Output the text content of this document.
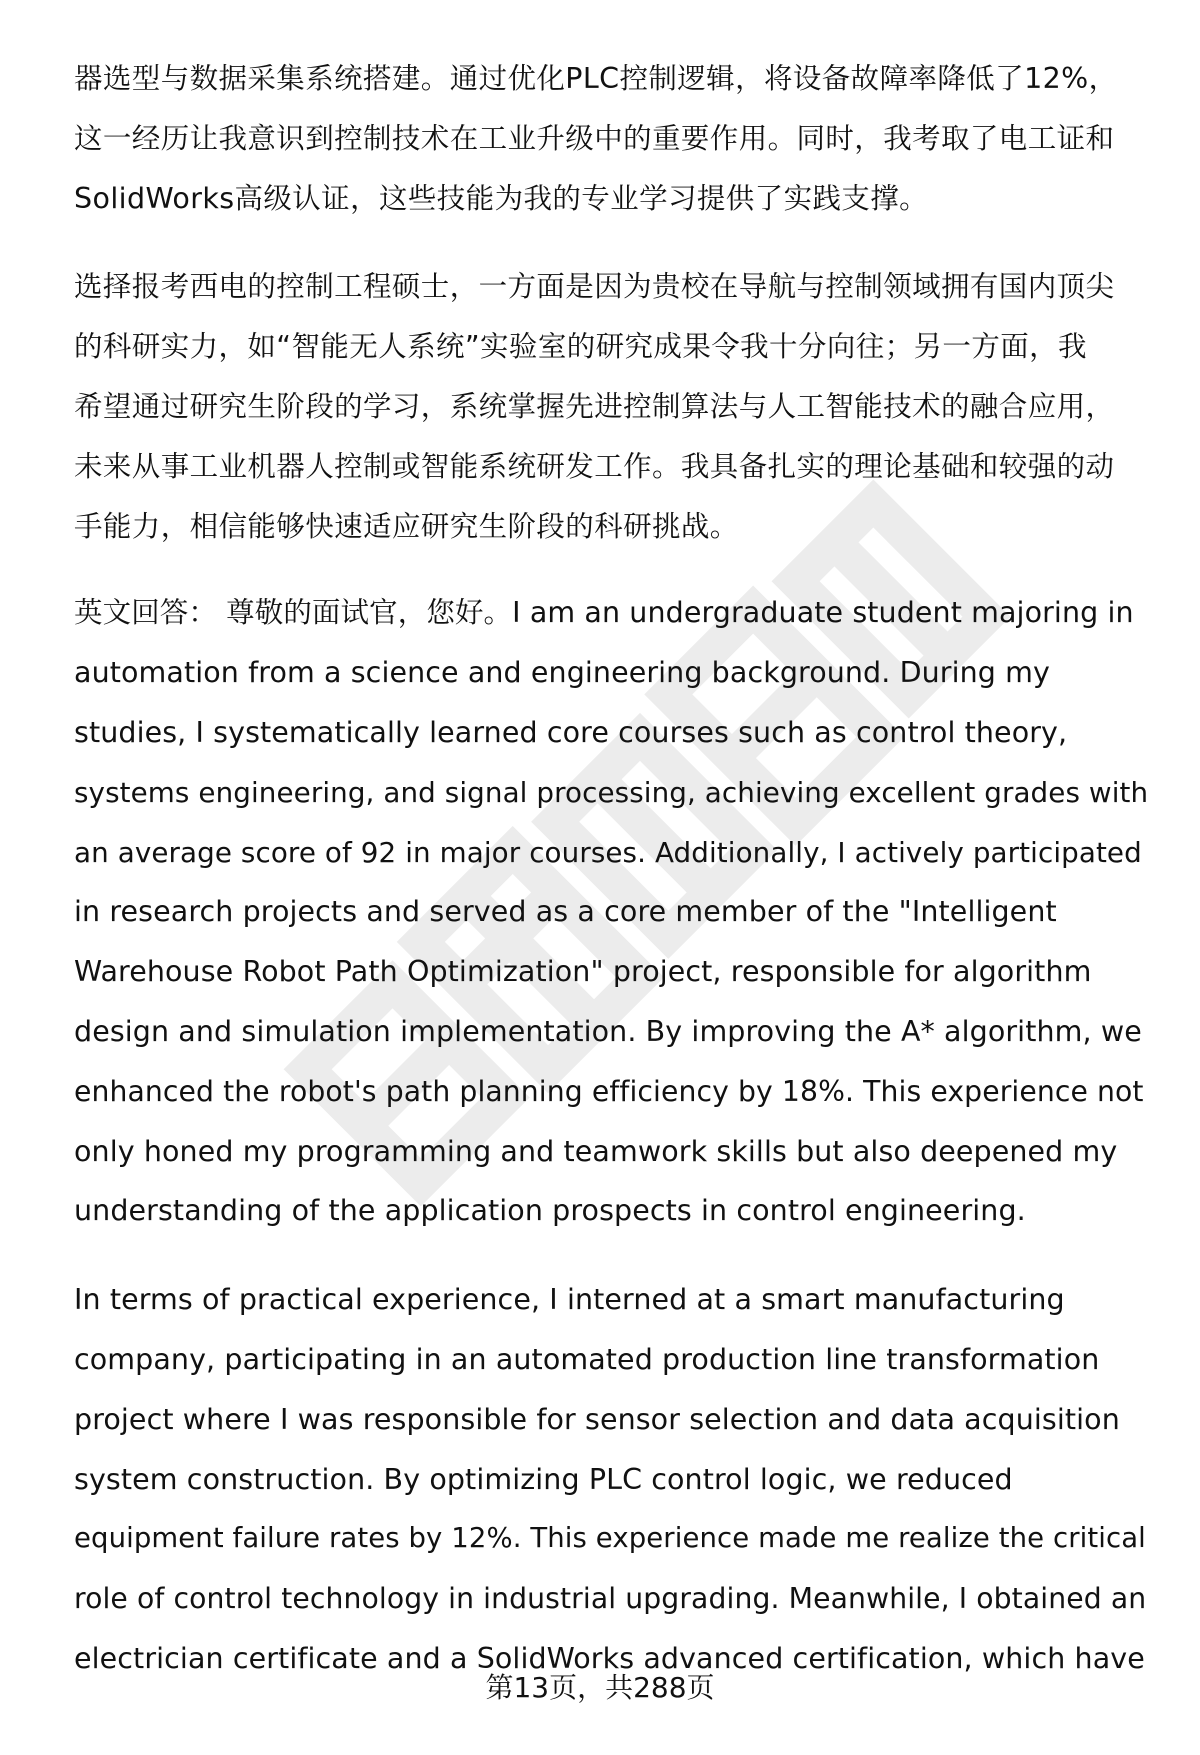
器选型与数据采集系统搭建。通过优化PLC控制逻辑，将设备故障率降低了12%，
这一经历让我意识到控制技术在工业升级中的重要作用。同时，我考取了电工证和
SolidWorks高级认证，这些技能为我的专业学习提供了实践支撑。

选择报考西电的控制工程硕士，一方面是因为贵校在导航与控制领域拥有国内顶尖
的科研实力，如“智能无人系统”实验室的研究成果令我十分向往；另一方面，我
希望通过研究生阶段的学习，系统掌握先进控制算法与人工智能技术的融合应用，
未来从事工业机器人控制或智能系统研发工作。我具备扎实的理论基础和较强的动
手能力，相信能够快速适应研究生阶段的科研挑战。

英文回答： 尊敬的面试官，您好。I am an undergraduate student majoring in
automation from a science and engineering background. During my
studies, I systematically learned core courses such as control theory,
systems engineering, and signal processing, achieving excellent grades with
an average score of 92 in major courses. Additionally, I actively participated
in research projects and served as a core member of the "Intelligent
Warehouse Robot Path Optimization" project, responsible for algorithm
design and simulation implementation. By improving the A* algorithm, we
enhanced the robot's path planning efficiency by 18%. This experience not
only honed my programming and teamwork skills but also deepened my
understanding of the application prospects in control engineering.

In terms of practical experience, I interned at a smart manufacturing
company, participating in an automated production line transformation
project where I was responsible for sensor selection and data acquisition
system construction. By optimizing PLC control logic, we reduced
equipment failure rates by 12%. This experience made me realize the critical
role of control technology in industrial upgrading. Meanwhile, I obtained an
electrician certificate and a SolidWorks advanced certification, which have

第13页，共288页
